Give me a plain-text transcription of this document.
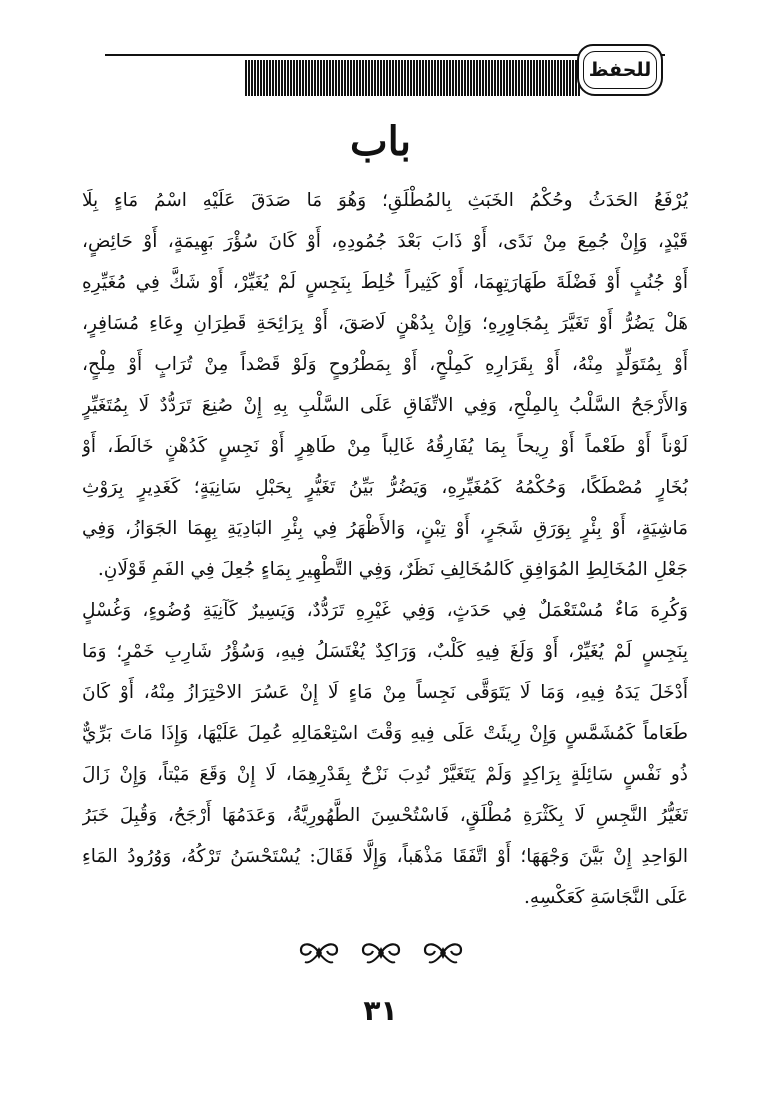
للحفظ
باب
يُرْفَعُ الحَدَثُ وحُكْمُ الخَبَثِ بِالمُطْلَقِ؛ وَهُوَ مَا صَدَقَ عَلَيْهِ اسْمُ مَاءٍ بِلَا
قَيْدٍ، وَإِنْ جُمِعَ مِنْ نَدًى، أَوْ ذَابَ بَعْدَ جُمُودِهِ، أَوْ كَانَ سُؤْرَ بَهِيمَةٍ، أَوْ حَائِضٍ،
أَوْ جُنُبٍ أَوْ فَضْلَةَ طَهَارَتِهِمَا، أَوْ كَثِيراً خُلِطَ بِنَجِسٍ لَمْ يُغَيِّرْ، أَوْ شَكَّ فِي مُغَيِّرِهِ
هَلْ يَضُرُّ أَوْ تَغَيَّرَ بِمُجَاوِرِهِ؛ وَإِنْ بِدُهْنٍ لَاصَقَ، أَوْ بِرَائِحَةِ قَطِرَانِ وِعَاءِ مُسَافِرٍ،
أَوْ بِمُتَوَلِّدٍ مِنْهُ، أَوْ بِقَرَارِهِ كَمِلْحٍ، أَوْ بِمَطْرُوحٍ وَلَوْ قَصْداً مِنْ تُرَابٍ أَوْ مِلْحٍ،
وَالأَرْجَحُ السَّلْبُ بِالمِلْحِ، وَفِي الاتِّفَاقِ عَلَى السَّلْبِ بِهِ إِنْ صُنِعَ تَرَدُّدٌ لَا بِمُتَغَيِّرٍ
لَوْناً أَوْ طَعْماً أَوْ رِيحاً بِمَا يُفَارِقُهُ غَالِباً مِنْ طَاهِرٍ أَوْ نَجِسٍ كَدُهْنٍ خَالَطَ، أَوْ
بُخَارٍ مُصْطَكًا، وَحُكْمُهُ كَمُغَيِّرِهِ، وَيَضُرُّ بَيِّنُ تَغَيُّرٍ بِحَبْلِ سَانِيَةٍ؛ كَغَدِيرٍ بِرَوْثِ
مَاشِيَةٍ، أَوْ بِئْرٍ بِوَرَقِ شَجَرٍ، أَوْ تِبْنٍ، وَالأَظْهَرُ فِي بِئْرِ البَادِيَةِ بِهِمَا الجَوَازُ، وَفِي
جَعْلِ المُخَالِطِ المُوَافِقِ كَالمُخَالِفِ نَظَرٌ، وَفِي التَّطْهِيرِ بِمَاءٍ جُعِلَ فِي الفَمِ قَوْلَانِ.
وَكُرِهَ مَاءٌ مُسْتَعْمَلٌ فِي حَدَثٍ، وَفِي غَيْرِهِ تَرَدُّدٌ، وَيَسِيرٌ كَآنِيَةِ وُضُوءٍ، وَغُسْلٍ
بِنَجِسٍ لَمْ يُغَيِّرْ، أَوْ وَلَغَ فِيهِ كَلْبٌ، وَرَاكِدٌ يُغْتَسَلُ فِيهِ، وَسُؤْرُ شَارِبِ خَمْرٍ؛ وَمَا
أَدْخَلَ يَدَهُ فِيهِ، وَمَا لَا يَتَوَقَّى نَجِساً مِنْ مَاءٍ لَا إِنْ عَسُرَ الاحْتِرَازُ مِنْهُ، أَوْ كَانَ
طَعَاماً كَمُشَمَّسٍ وَإِنْ رِيئَتْ عَلَى فِيهِ وَقْتَ اسْتِعْمَالِهِ عُمِلَ عَلَيْهَا، وَإِذَا مَاتَ بَرِّيٌّ
ذُو نَفْسٍ سَائِلَةٍ بِرَاكِدٍ وَلَمْ يَتَغَيَّرْ نُدِبَ نَزْحٌ بِقَدْرِهِمَا، لَا إِنْ وَقَعَ مَيْتاً، وَإِنْ زَالَ
تَغَيُّرُ النَّجِسِ لَا بِكَثْرَةِ مُطْلَقٍ، فَاسْتُحْسِنَ الطَّهُورِيَّةُ، وَعَدَمُهَا أَرْجَحُ، وَقُبِلَ خَبَرُ
الوَاحِدِ إِنْ بَيَّنَ وَجْهَهَا؛ أَوْ اتَّفَقَا مَذْهَباً، وَإِلَّا فَقَالَ: يُسْتَحْسَنُ تَرْكُهُ، وَوُرُودُ المَاءِ
عَلَى النَّجَاسَةِ كَعَكْسِهِ.
٣١
